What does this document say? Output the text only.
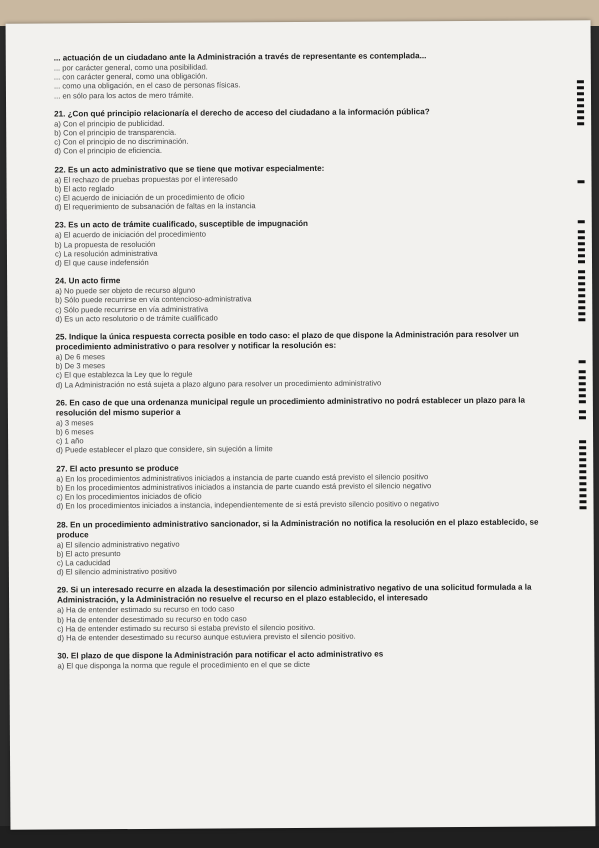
... actuación de un ciudadano ante la Administración a través de representante es contemplada...
... por carácter general, como una posibilidad.
... con carácter general, como una obligación.
... como una obligación, en el caso de personas físicas.
... en sólo para los actos de mero trámite.
21. ¿Con qué principio relacionaría el derecho de acceso del ciudadano a la información pública?
a) Con el principio de publicidad.
b) Con el principio de transparencia.
c) Con el principio de no discriminación.
d) Con el principio de eficiencia.
22. Es un acto administrativo que se tiene que motivar especialmente:
a) El rechazo de pruebas propuestas por el interesado
b) El acto reglado
c) El acuerdo de iniciación de un procedimiento de oficio
d) El requerimiento de subsanación de faltas en la instancia
23. Es un acto de trámite cualificado, susceptible de impugnación
a) El acuerdo de iniciación del procedimiento
b) La propuesta de resolución
c) La resolución administrativa
d) El que cause indefensión
24. Un acto firme
a) No puede ser objeto de recurso alguno
b) Sólo puede recurrirse en vía contencioso-administrativa
c) Sólo puede recurrirse en vía administrativa
d) Es un acto resolutorio o de trámite cualificado
25. Indique la única respuesta correcta posible en todo caso: el plazo de que dispone la Administración para resolver un procedimiento administrativo o para resolver y notificar la resolución es:
a) De 6 meses
b) De 3 meses
c) El que establezca la Ley que lo regule
d) La Administración no está sujeta a plazo alguno para resolver un procedimiento administrativo
26. En caso de que una ordenanza municipal regule un procedimiento administrativo no podrá establecer un plazo para la resolución del mismo superior a
a) 3 meses
b) 6 meses
c) 1 año
d) Puede establecer el plazo que considere, sin sujeción a límite
27. El acto presunto se produce
a) En los procedimientos administrativos iniciados a instancia de parte cuando está previsto el silencio positivo
b) En los procedimientos administrativos iniciados a instancia de parte cuando está previsto el silencio negativo
c) En los procedimientos iniciados de oficio
d) En los procedimientos iniciados a instancia, independientemente de si está previsto silencio positivo o negativo
28. En un procedimiento administrativo sancionador, si la Administración no notifica la resolución en el plazo establecido, se produce
a) El silencio administrativo negativo
b) El acto presunto
c) La caducidad
d) El silencio administrativo positivo
29. Si un interesado recurre en alzada la desestimación por silencio administrativo negativo de una solicitud formulada a la Administración, y la Administración no resuelve el recurso en el plazo establecido, el interesado
a) Ha de entender estimado su recurso en todo caso
b) Ha de entender desestimado su recurso en todo caso
c) Ha de entender estimado su recurso si estaba previsto el silencio positivo.
d) Ha de entender desestimado su recurso aunque estuviera previsto el silencio positivo.
30. El plazo de que dispone la Administración para notificar el acto administrativo es
a) El que disponga la norma que regule el procedimiento en el que se dicte
